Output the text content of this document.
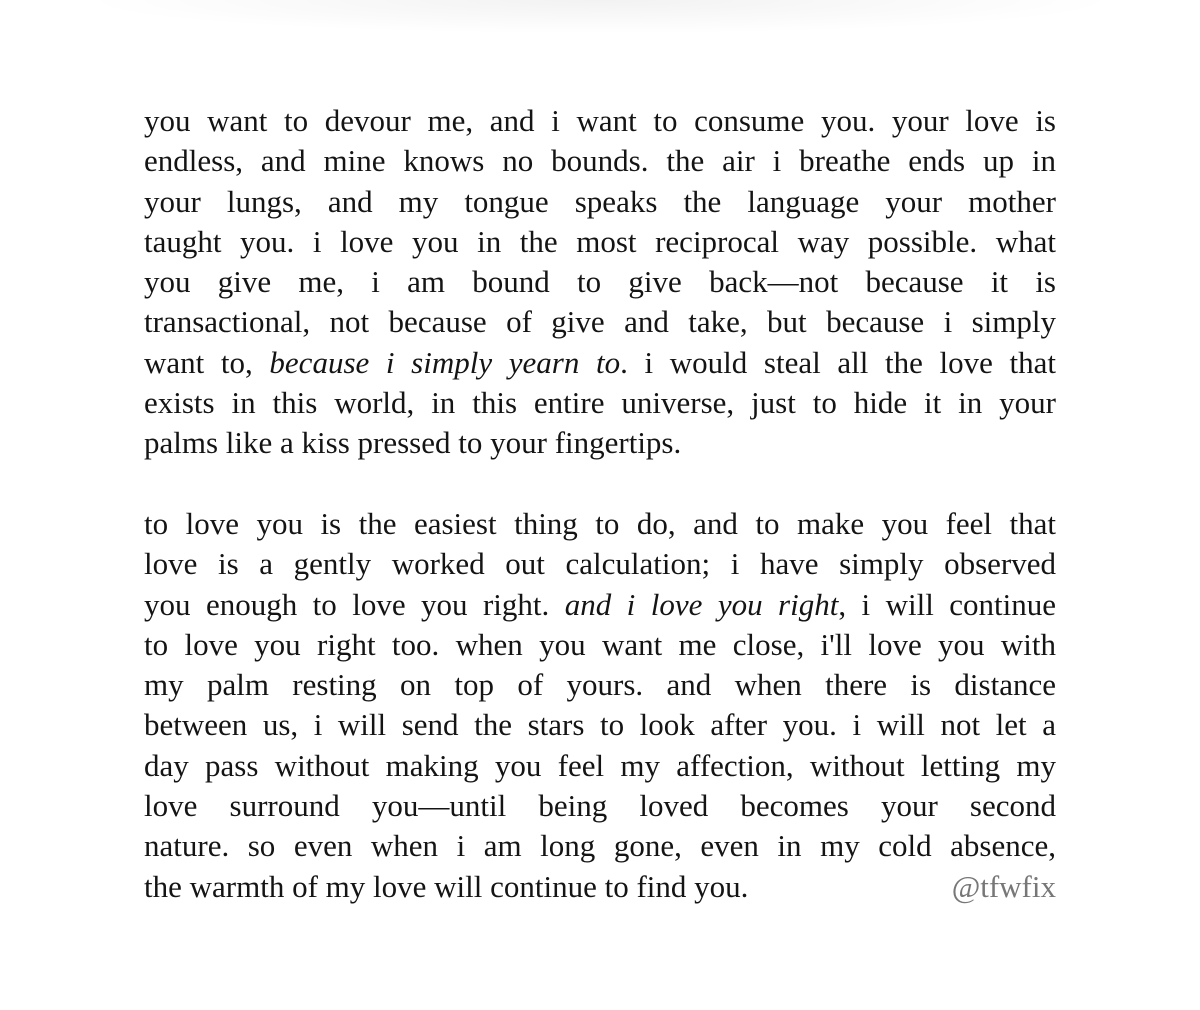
you want to devour me, and i want to consume you. your love is
endless, and mine knows no bounds. the air i breathe ends up in
your lungs, and my tongue speaks the language your mother
taught you. i love you in the most reciprocal way possible. what
you give me, i am bound to give back—not because it is
transactional, not because of give and take, but because i simply
want to, because i simply yearn to. i would steal all the love that
exists in this world, in this entire universe, just to hide it in your
palms like a kiss pressed to your fingertips.
to love you is the easiest thing to do, and to make you feel that
love is a gently worked out calculation; i have simply observed
you enough to love you right. and i love you right, i will continue
to love you right too. when you want me close, i'll love you with
my palm resting on top of yours. and when there is distance
between us, i will send the stars to look after you. i will not let a
day pass without making you feel my affection, without letting my
love surround you—until being loved becomes your second
nature. so even when i am long gone, even in my cold absence,
the warmth of my love will continue to find you.	@tfwfix
